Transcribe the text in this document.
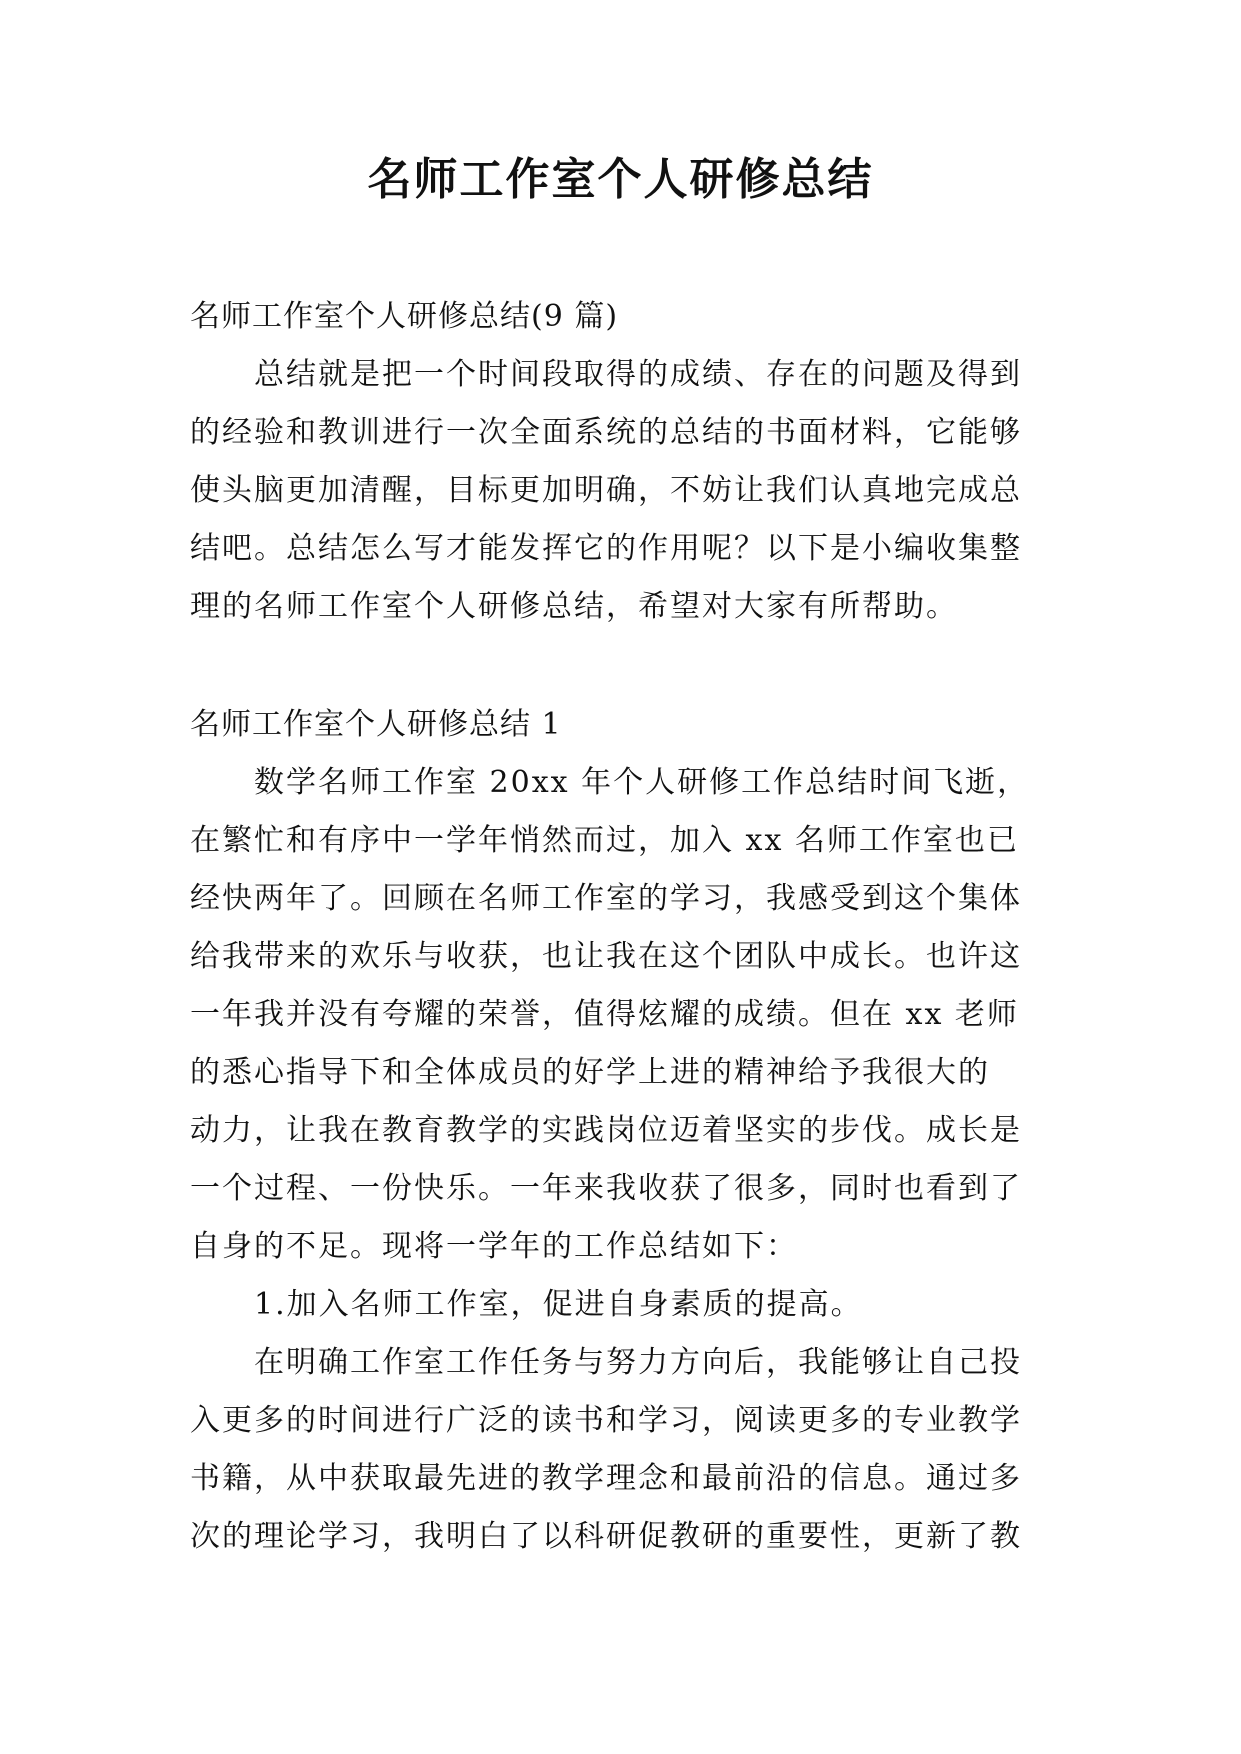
名师工作室个人研修总结
名师工作室个人研修总结(9 篇)
总结就是把一个时间段取得的成绩、存在的问题及得到
的经验和教训进行一次全面系统的总结的书面材料，它能够
使头脑更加清醒，目标更加明确，不妨让我们认真地完成总
结吧。总结怎么写才能发挥它的作用呢？以下是小编收集整
理的名师工作室个人研修总结，希望对大家有所帮助。
名师工作室个人研修总结 1
数学名师工作室 20xx 年个人研修工作总结时间飞逝，
在繁忙和有序中一学年悄然而过，加入 xx 名师工作室也已
经快两年了。回顾在名师工作室的学习，我感受到这个集体
给我带来的欢乐与收获，也让我在这个团队中成长。也许这
一年我并没有夸耀的荣誉，值得炫耀的成绩。但在 xx 老师
的悉心指导下和全体成员的好学上进的精神给予我很大的
动力，让我在教育教学的实践岗位迈着坚实的步伐。成长是
一个过程、一份快乐。一年来我收获了很多，同时也看到了
自身的不足。现将一学年的工作总结如下：
1.加入名师工作室，促进自身素质的提高。
在明确工作室工作任务与努力方向后，我能够让自己投
入更多的时间进行广泛的读书和学习，阅读更多的专业教学
书籍，从中获取最先进的教学理念和最前沿的信息。通过多
次的理论学习，我明白了以科研促教研的重要性，更新了教
